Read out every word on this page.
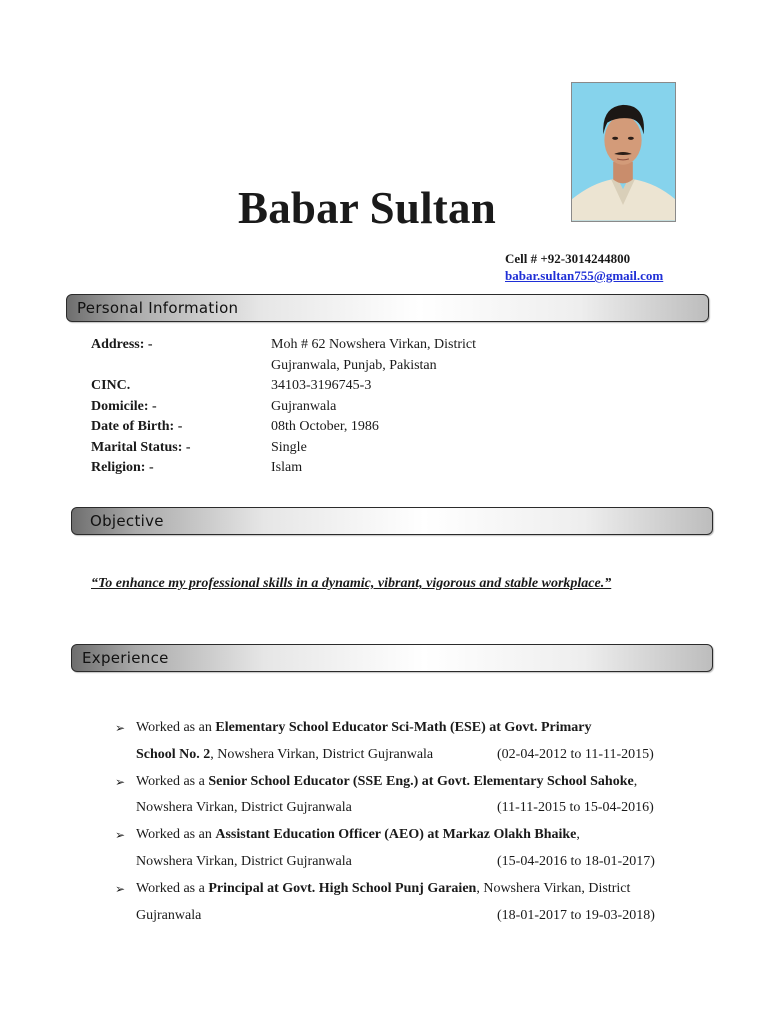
Babar Sultan
Cell # +92-3014244800
babar.sultan755@gmail.com
Personal Information
Address: -	Moh # 62 Nowshera Virkan, District
Gujranwala, Punjab, Pakistan
CINC.	34103-3196745-3
Domicile: -	Gujranwala
Date of Birth: -	08th October, 1986
Marital Status: -	Single
Religion: -	Islam
Objective
“To enhance my professional skills in a dynamic, vibrant, vigorous and stable workplace.”
Experience
➢ Worked as an Elementary School Educator Sci-Math (ESE) at Govt. Primary
School No. 2, Nowshera Virkan, District Gujranwala	(02-04-2012 to 11-11-2015)
➢ Worked as a Senior School Educator (SSE Eng.) at Govt. Elementary School Sahoke,
Nowshera Virkan, District Gujranwala	(11-11-2015 to 15-04-2016)
➢ Worked as an Assistant Education Officer (AEO) at Markaz Olakh Bhaike,
Nowshera Virkan, District Gujranwala	(15-04-2016 to 18-01-2017)
➢ Worked as a Principal at Govt. High School Punj Garaien, Nowshera Virkan, District
Gujranwala	(18-01-2017 to 19-03-2018)
